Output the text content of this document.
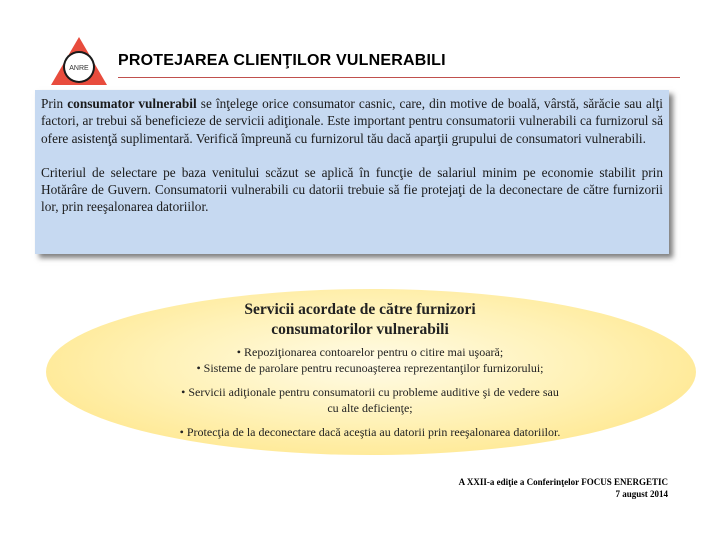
ANRE PROTEJAREA CLIENŢILOR VULNERABILI

Prin consumator vulnerabil se înţelege orice consumator casnic, care, din motive de boală, vârstă, sărăcie sau alţi factori, ar trebui să beneficieze de servicii adiţionale. Este important pentru consumatorii vulnerabili ca furnizorul să ofere asistenţă suplimentară. Verifică împreună cu furnizorul tău dacă aparţii grupului de consumatori vulnerabili.

Criteriul de selectare pe baza venitului scăzut se aplică în funcţie de salariul minim pe economie stabilit prin Hotărâre de Guvern. Consumatorii vulnerabili cu datorii trebuie să fie protejaţi de la deconectare de către furnizorii lor, prin reeşalonarea datoriilor.

Servicii acordate de către furnizori
consumatorilor vulnerabili
• Repoziţionarea contoarelor pentru o citire mai uşoară;
• Sisteme de parolare pentru recunoaşterea reprezentanţilor furnizorului;
• Servicii adiţionale pentru consumatorii cu probleme auditive şi de vedere sau
cu alte deficienţe;
• Protecţia de la deconectare dacă aceştia au datorii prin reeşalonarea datoriilor.
A XXII-a ediţie a Conferinţelor FOCUS ENERGETIC
7 august 2014
